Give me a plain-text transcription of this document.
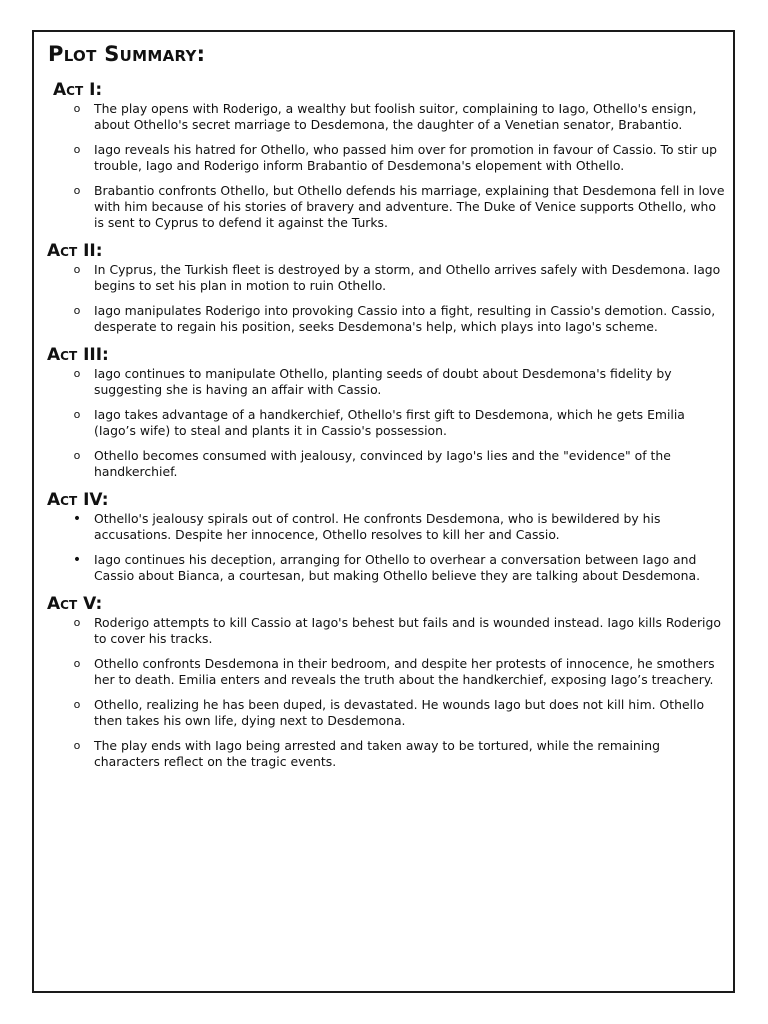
Plot Summary:
Act I:
o The play opens with Roderigo, a wealthy but foolish suitor, complaining to Iago, Othello's ensign, about Othello's secret marriage to Desdemona, the daughter of a Venetian senator, Brabantio.
o Iago reveals his hatred for Othello, who passed him over for promotion in favour of Cassio. To stir up trouble, Iago and Roderigo inform Brabantio of Desdemona's elopement with Othello.
o Brabantio confronts Othello, but Othello defends his marriage, explaining that Desdemona fell in love with him because of his stories of bravery and adventure. The Duke of Venice supports Othello, who is sent to Cyprus to defend it against the Turks.
Act II:
o In Cyprus, the Turkish fleet is destroyed by a storm, and Othello arrives safely with Desdemona. Iago begins to set his plan in motion to ruin Othello.
o Iago manipulates Roderigo into provoking Cassio into a fight, resulting in Cassio's demotion. Cassio, desperate to regain his position, seeks Desdemona's help, which plays into Iago's scheme.
Act III:
o Iago continues to manipulate Othello, planting seeds of doubt about Desdemona's fidelity by suggesting she is having an affair with Cassio.
o Iago takes advantage of a handkerchief, Othello's first gift to Desdemona, which he gets Emilia (Iago’s wife) to steal and plants it in Cassio's possession.
o Othello becomes consumed with jealousy, convinced by Iago's lies and the "evidence" of the handkerchief.
Act IV:
• Othello's jealousy spirals out of control. He confronts Desdemona, who is bewildered by his accusations. Despite her innocence, Othello resolves to kill her and Cassio.
• Iago continues his deception, arranging for Othello to overhear a conversation between Iago and Cassio about Bianca, a courtesan, but making Othello believe they are talking about Desdemona.
Act V:
o Roderigo attempts to kill Cassio at Iago's behest but fails and is wounded instead. Iago kills Roderigo to cover his tracks.
o Othello confronts Desdemona in their bedroom, and despite her protests of innocence, he smothers her to death. Emilia enters and reveals the truth about the handkerchief, exposing Iago’s treachery.
o Othello, realizing he has been duped, is devastated. He wounds Iago but does not kill him. Othello then takes his own life, dying next to Desdemona.
o The play ends with Iago being arrested and taken away to be tortured, while the remaining characters reflect on the tragic events.
